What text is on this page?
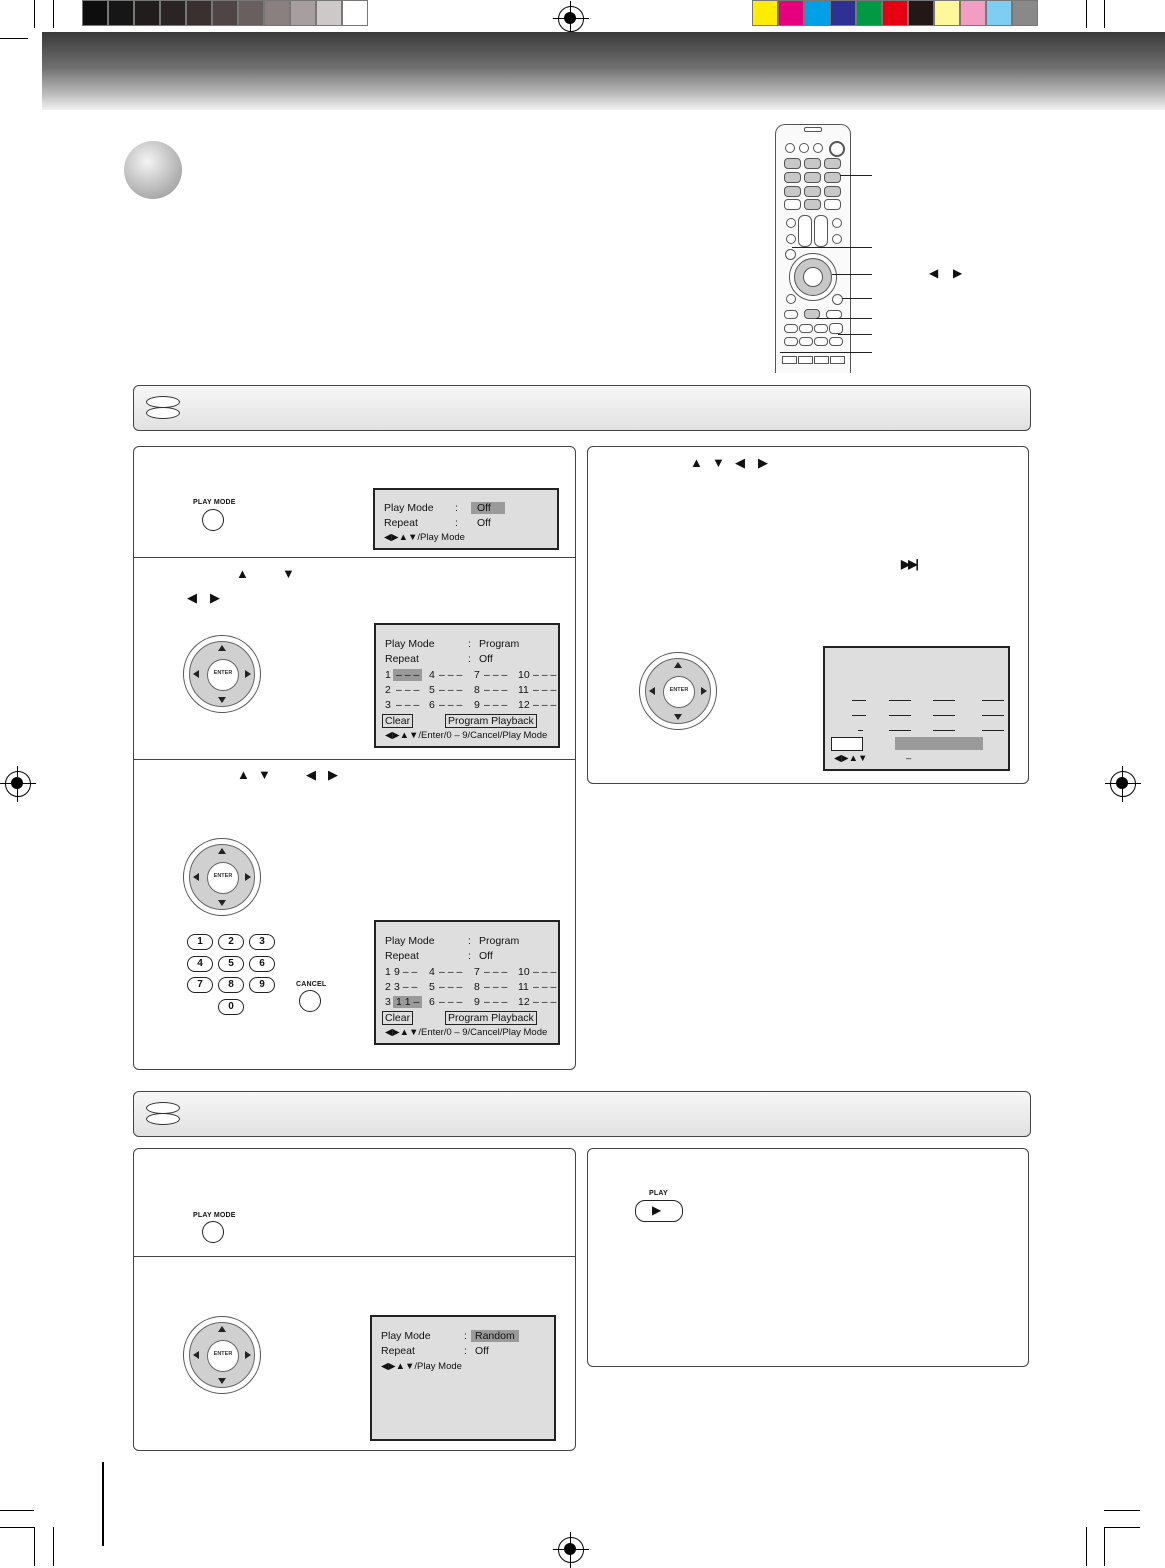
◀ ▶
PLAY MODE	Play Mode :	Off
Repeat	: Off
◀▶▲▼/Play Mode
▲	▼
◀ ▶
ENTER
Play Mode	: Program
Repeat	: Off
1 – – – 4 – – – 7 – – – 10 – – –
2 – – – 5 – – – 8 – – – 11 – – –
3 – – – 6 – – – 9 – – – 12 – – –
Clear	Program Playback
◀▶▲▼/Enter/0 – 9/Cancel/Play Mode
▲ ▼	◀ ▶
ENTER
1	2	3
4	5	6
7	8	9
0
CANCEL
Play Mode	: Program
Repeat	: Off
1 9 – – 4 – – – 7 – – – 10 – – –
2 3 – – 5 – – – 8 – – – 11 – – –
3 1 1 – 6 – – – 9 – – – 12 – – –
Clear	Program Playback
◀▶▲▼/Enter/0 – 9/Cancel/Play Mode
▲ ▼ ◀ ▶
▶▶|
ENTER
◀▶▲▼	–
PLAY MODE
ENTER
Play Mode	: Random
Repeat	: Off
◀▶▲▼/Play Mode
PLAY
▶
